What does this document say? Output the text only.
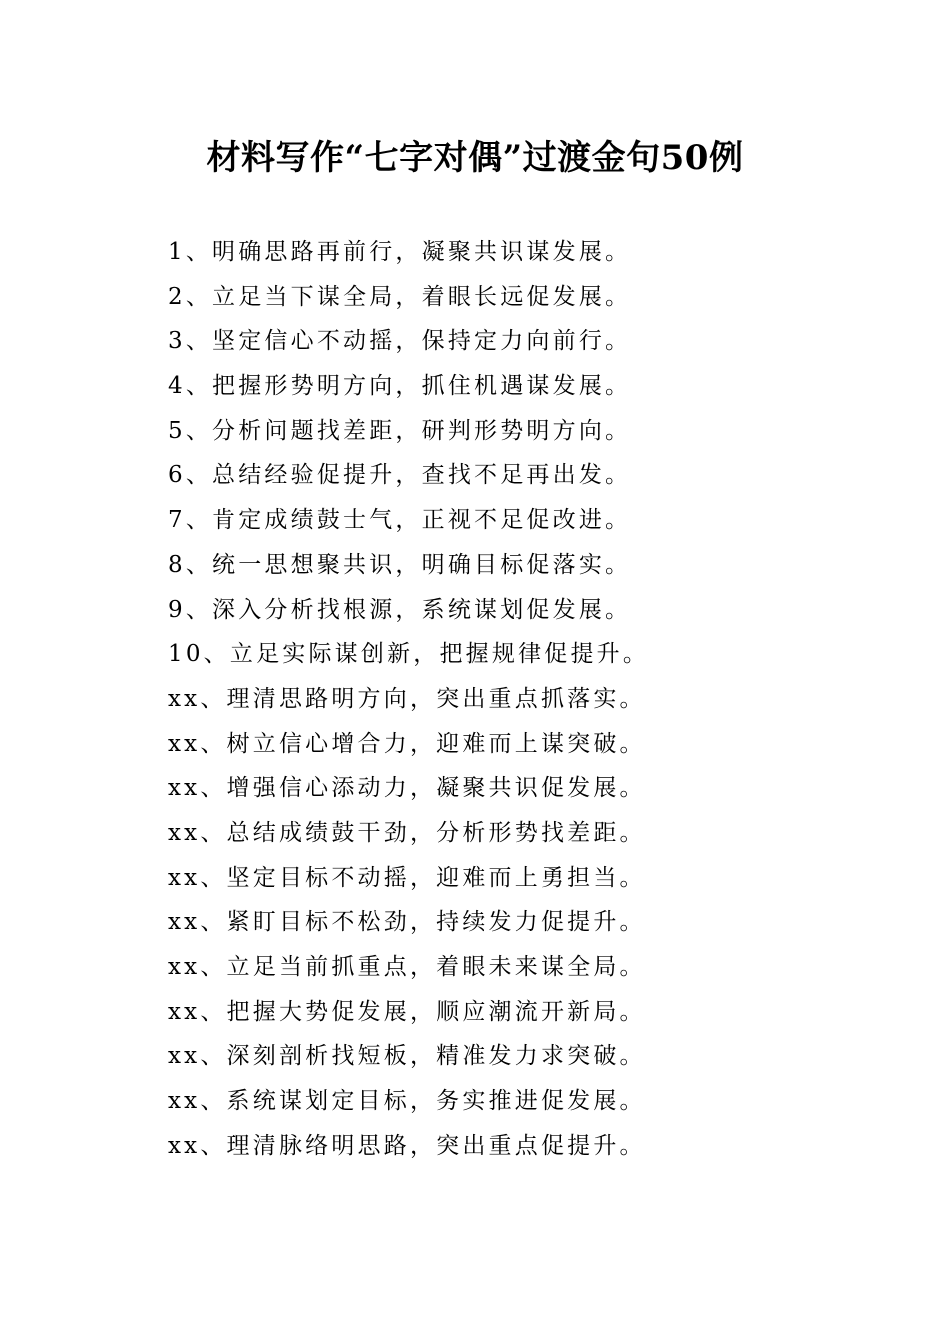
材料写作“七字对偶”过渡金句50例
1、明确思路再前行，凝聚共识谋发展。
2、立足当下谋全局，着眼长远促发展。
3、坚定信心不动摇，保持定力向前行。
4、把握形势明方向，抓住机遇谋发展。
5、分析问题找差距，研判形势明方向。
6、总结经验促提升，查找不足再出发。
7、肯定成绩鼓士气，正视不足促改进。
8、统一思想聚共识，明确目标促落实。
9、深入分析找根源，系统谋划促发展。
10、立足实际谋创新，把握规律促提升。
xx、理清思路明方向，突出重点抓落实。
xx、树立信心增合力，迎难而上谋突破。
xx、增强信心添动力，凝聚共识促发展。
xx、总结成绩鼓干劲，分析形势找差距。
xx、坚定目标不动摇，迎难而上勇担当。
xx、紧盯目标不松劲，持续发力促提升。
xx、立足当前抓重点，着眼未来谋全局。
xx、把握大势促发展，顺应潮流开新局。
xx、深刻剖析找短板，精准发力求突破。
xx、系统谋划定目标，务实推进促发展。
xx、理清脉络明思路，突出重点促提升。
